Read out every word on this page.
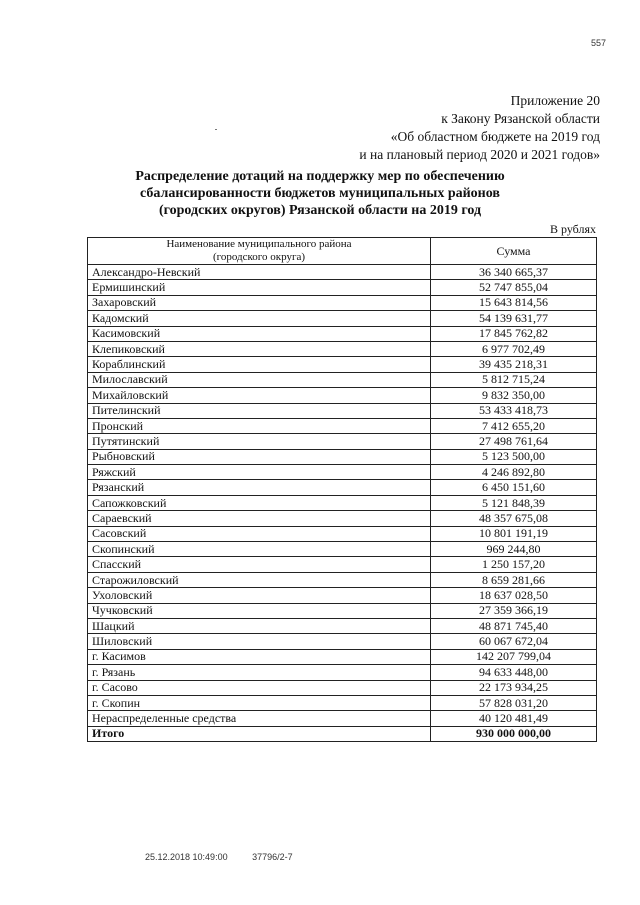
557
Приложение 20
к Закону Рязанской области
«Об областном бюджете на 2019 год
и на плановый период 2020 и 2021 годов»
Распределение дотаций на поддержку мер по обеспечению
сбалансированности бюджетов муниципальных районов
(городских округов) Рязанской области на 2019 год
В рублях
Наименование муниципального района
(городского округа)	Сумма
Александро-Невский	36 340 665,37
Ермишинский	52 747 855,04
Захаровский	15 643 814,56
Кадомский	54 139 631,77
Касимовский	17 845 762,82
Клепиковский	6 977 702,49
Кораблинский	39 435 218,31
Милославский	5 812 715,24
Михайловский	9 832 350,00
Пителинский	53 433 418,73
Пронский	7 412 655,20
Путятинский	27 498 761,64
Рыбновский	5 123 500,00
Ряжский	4 246 892,80
Рязанский	6 450 151,60
Сапожковский	5 121 848,39
Сараевский	48 357 675,08
Сасовский	10 801 191,19
Скопинский	969 244,80
Спасский	1 250 157,20
Старожиловский	8 659 281,66
Ухоловский	18 637 028,50
Чучковский	27 359 366,19
Шацкий	48 871 745,40
Шиловский	60 067 672,04
г. Касимов	142 207 799,04
г. Рязань	94 633 448,00
г. Сасово	22 173 934,25
г. Скопин	57 828 031,20
Нераспределенные средства	40 120 481,49
Итого	930 000 000,00
25.12.2018 10:49:00	37796/2-7
